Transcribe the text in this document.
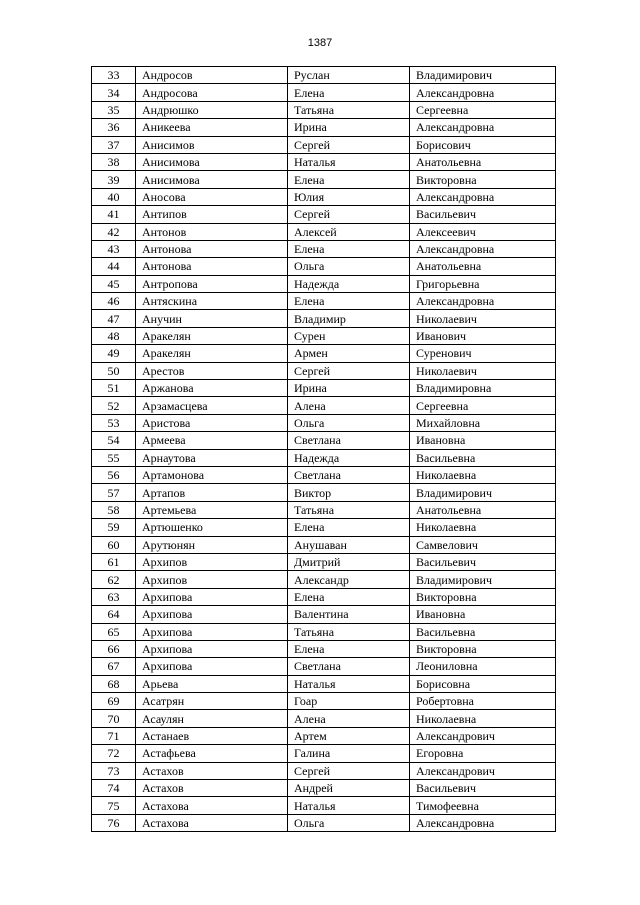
1387
33	Андросов	Руслан	Владимирович
34	Андросова	Елена	Александровна
35	Андрюшко	Татьяна	Сергеевна
36	Аникеева	Ирина	Александровна
37	Анисимов	Сергей	Борисович
38	Анисимова	Наталья	Анатольевна
39	Анисимова	Елена	Викторовна
40	Аносова	Юлия	Александровна
41	Антипов	Сергей	Васильевич
42	Антонов	Алексей	Алексеевич
43	Антонова	Елена	Александровна
44	Антонова	Ольга	Анатольевна
45	Антропова	Надежда	Григорьевна
46	Антяскина	Елена	Александровна
47	Анучин	Владимир	Николаевич
48	Аракелян	Сурен	Иванович
49	Аракелян	Армен	Суренович
50	Арестов	Сергей	Николаевич
51	Аржанова	Ирина	Владимировна
52	Арзамасцева	Алена	Сергеевна
53	Аристова	Ольга	Михайловна
54	Армеева	Светлана	Ивановна
55	Арнаутова	Надежда	Васильевна
56	Артамонова	Светлана	Николаевна
57	Артапов	Виктор	Владимирович
58	Артемьева	Татьяна	Анатольевна
59	Артюшенко	Елена	Николаевна
60	Арутюнян	Анушаван	Самвелович
61	Архипов	Дмитрий	Васильевич
62	Архипов	Александр	Владимирович
63	Архипова	Елена	Викторовна
64	Архипова	Валентина	Ивановна
65	Архипова	Татьяна	Васильевна
66	Архипова	Елена	Викторовна
67	Архипова	Светлана	Леониловна
68	Арьева	Наталья	Борисовна
69	Асатрян	Гоар	Робертовна
70	Асаулян	Алена	Николаевна
71	Астанаев	Артем	Александрович
72	Астафьева	Галина	Егоровна
73	Астахов	Сергей	Александрович
74	Астахов	Андрей	Васильевич
75	Астахова	Наталья	Тимофеевна
76	Астахова	Ольга	Александровна
